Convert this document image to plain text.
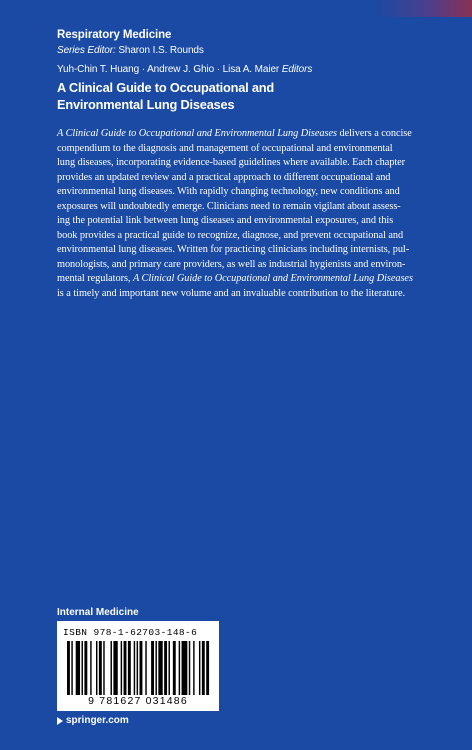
Respiratory Medicine
Series Editor: Sharon I.S. Rounds
Yuh-Chin T. Huang · Andrew J. Ghio · Lisa A. Maier Editors
A Clinical Guide to Occupational and
Environmental Lung Diseases
A Clinical Guide to Occupational and Environmental Lung Diseases delivers a concise
compendium to the diagnosis and management of occupational and environmental
lung diseases, incorporating evidence-based guidelines where available. Each chapter
provides an updated review and a practical approach to different occupational and
environmental lung diseases. With rapidly changing technology, new conditions and
exposures will undoubtedly emerge. Clinicians need to remain vigilant about assess-
ing the potential link between lung diseases and environmental exposures, and this
book provides a practical guide to recognize, diagnose, and prevent occupational and
environmental lung diseases. Written for practicing clinicians including internists, pul-
monologists, and primary care providers, as well as industrial hygienists and environ-
mental regulators, A Clinical Guide to Occupational and Environmental Lung Diseases
is a timely and important new volume and an invaluable contribution to the literature.
Internal Medicine
ISBN 978-1-62703-148-6
9 781627 031486
springer.com
